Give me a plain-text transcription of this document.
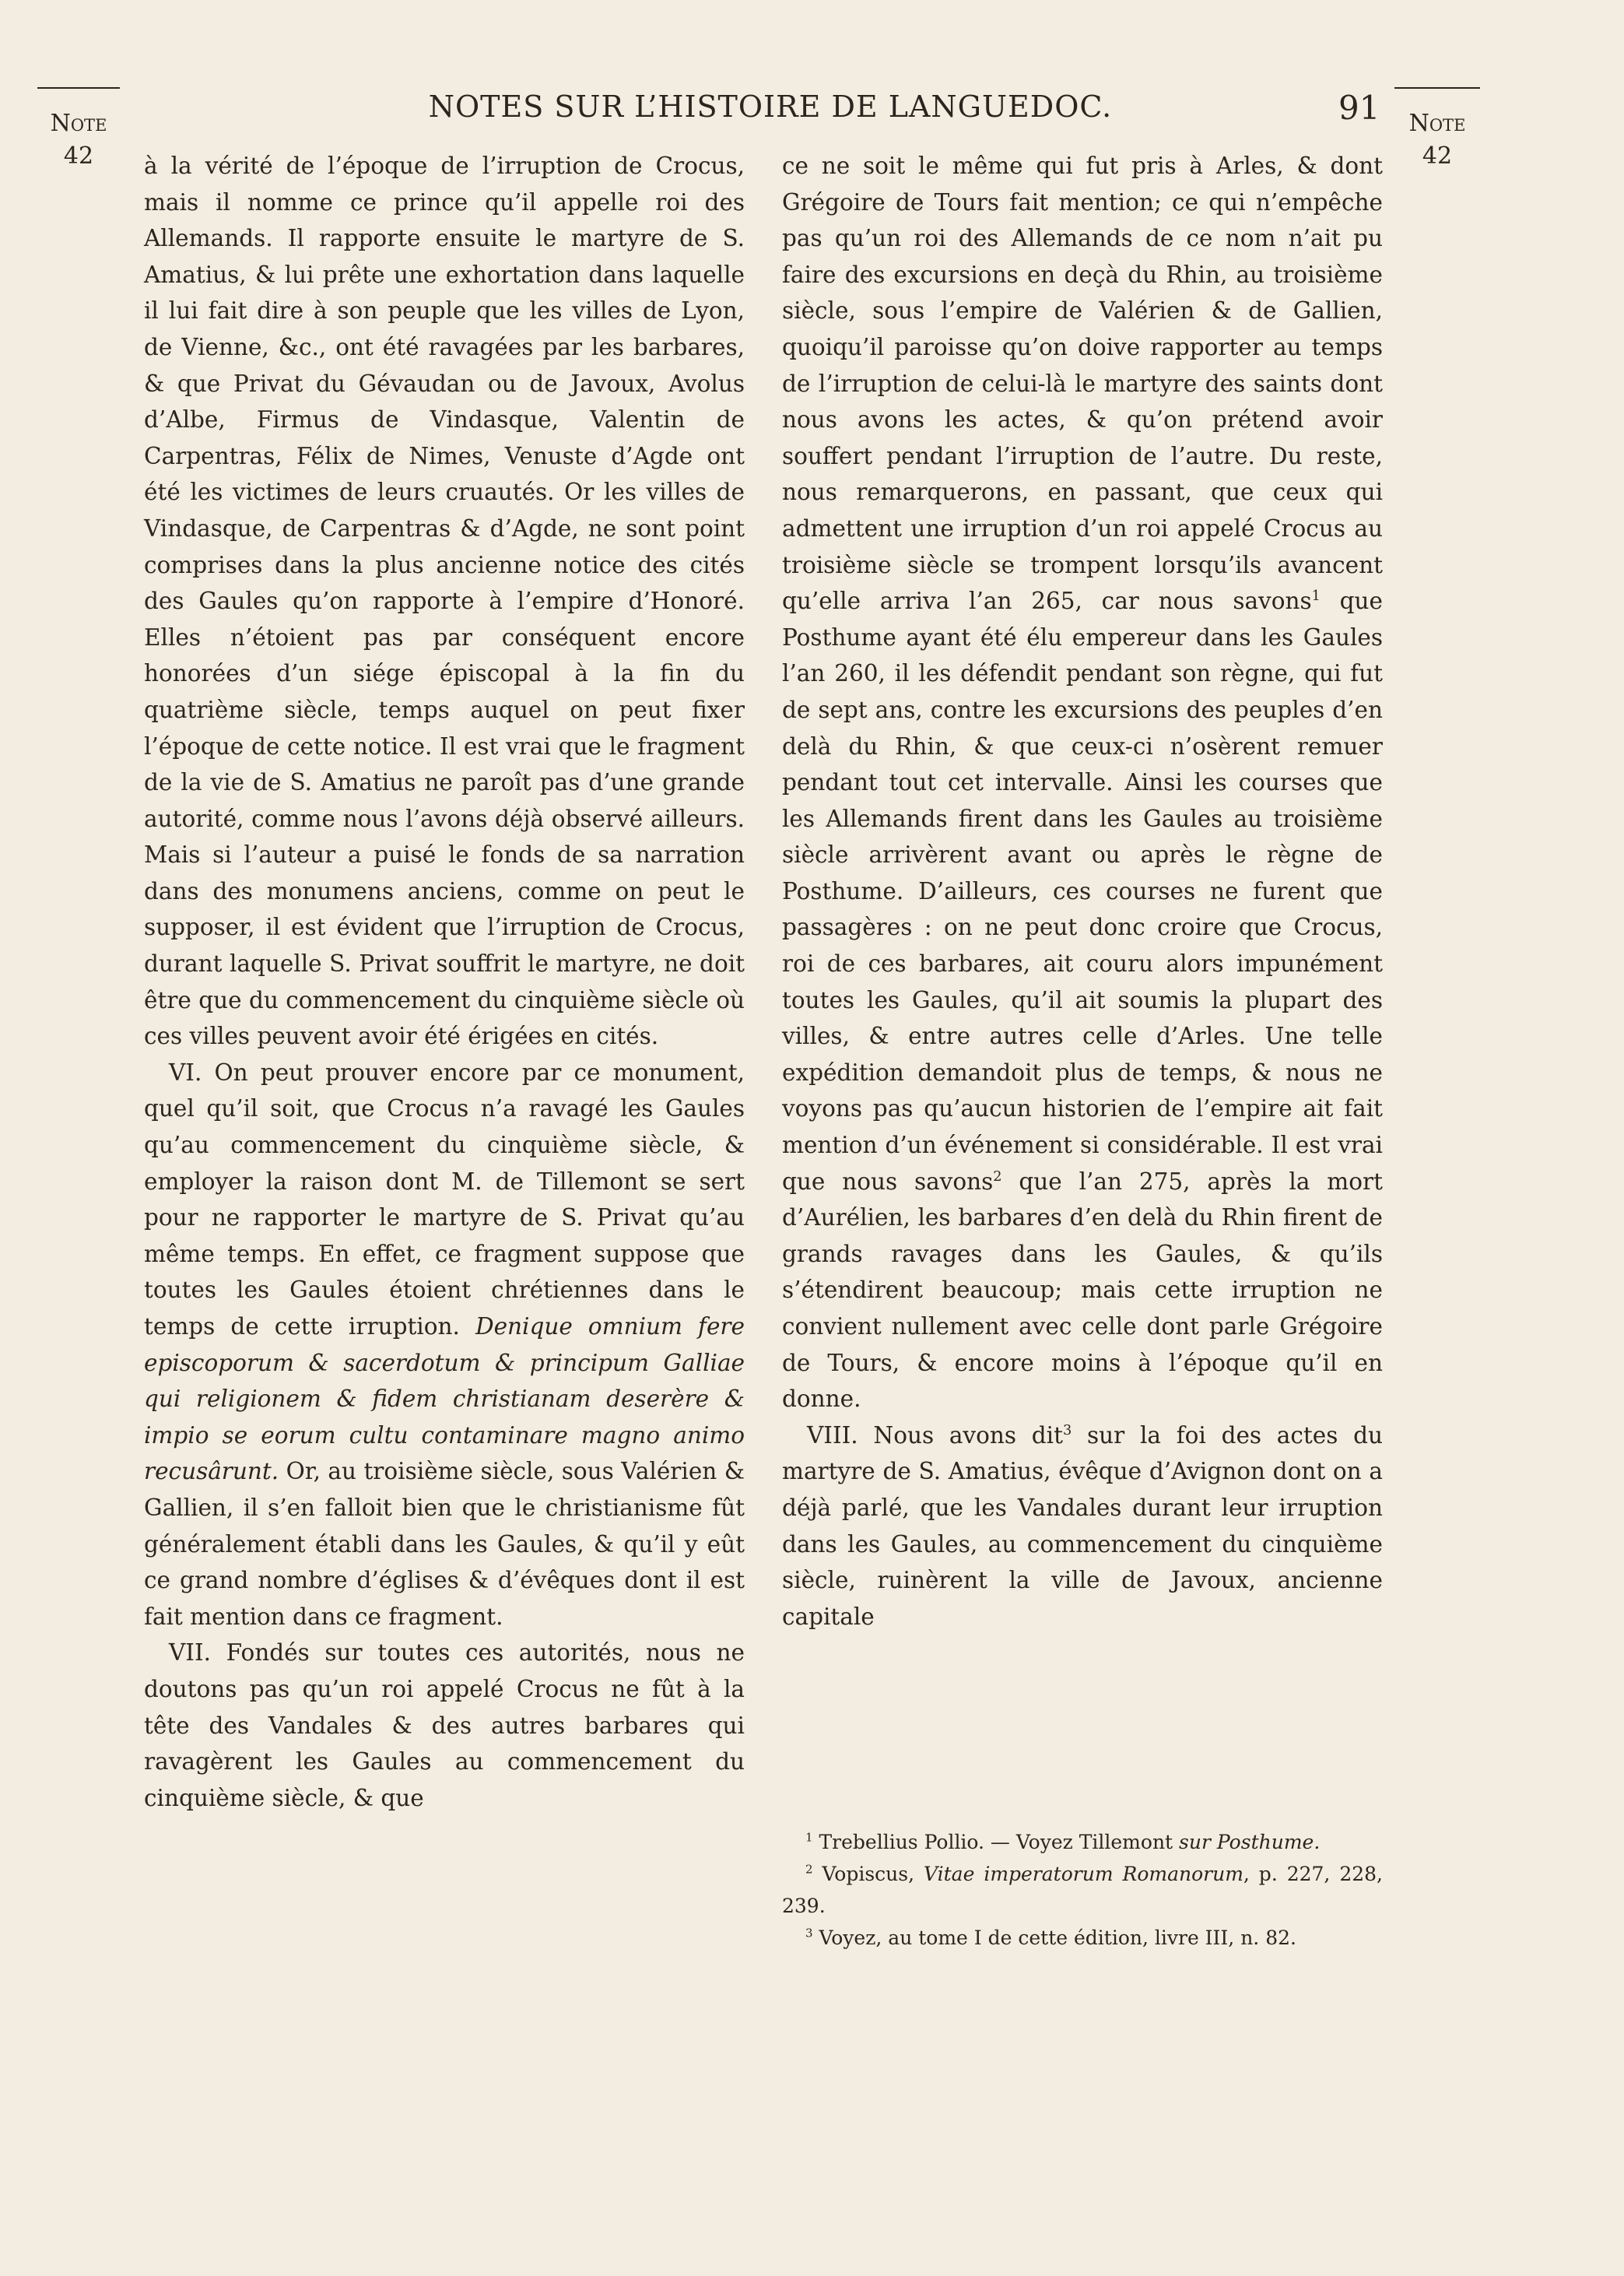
Note
42
Note
42
NOTES SUR L’HISTOIRE DE LANGUEDOC.	91

à la vérité de l’époque de l’irruption de Crocus, mais il nomme ce prince qu’il appelle roi des Allemands. Il rapporte ensuite le martyre de S. Amatius, & lui prête une exhortation dans laquelle il lui fait dire à son peuple que les villes de Lyon, de Vienne, &c., ont été ravagées par les barbares, & que Privat du Gévaudan ou de Javoux, Avolus d’Albe, Firmus de Vindasque, Valentin de Carpentras, Félix de Nimes, Venuste d’Agde ont été les victimes de leurs cruautés. Or les villes de Vindasque, de Carpentras & d’Agde, ne sont point comprises dans la plus ancienne notice des cités des Gaules qu’on rapporte à l’empire d’Honoré. Elles n’étoient pas par conséquent encore honorées d’un siége épiscopal à la fin du quatrième siècle, temps auquel on peut fixer l’époque de cette notice. Il est vrai que le fragment de la vie de S. Amatius ne paroît pas d’une grande autorité, comme nous l’avons déjà observé ailleurs. Mais si l’auteur a puisé le fonds de sa narration dans des monumens anciens, comme on peut le supposer, il est évident que l’irruption de Crocus, durant laquelle S. Privat souffrit le martyre, ne doit être que du commencement du cinquième siècle où ces villes peuvent avoir été érigées en cités.

VI. On peut prouver encore par ce monument, quel qu’il soit, que Crocus n’a ravagé les Gaules qu’au commencement du cinquième siècle, & employer la raison dont M. de Tillemont se sert pour ne rapporter le martyre de S. Privat qu’au même temps. En effet, ce fragment suppose que toutes les Gaules étoient chrétiennes dans le temps de cette irruption. Denique omnium fere episcoporum & sacerdotum & principum Galliae qui religionem & fidem christianam deserère & impio se eorum cultu contaminare magno animo recusârunt. Or, au troisième siècle, sous Valérien & Gallien, il s’en falloit bien que le christianisme fût généralement établi dans les Gaules, & qu’il y eût ce grand nombre d’églises & d’évêques dont il est fait mention dans ce fragment.

VII. Fondés sur toutes ces autorités, nous ne doutons pas qu’un roi appelé Crocus ne fût à la tête des Vandales & des autres barbares qui ravagèrent les Gaules au commencement du cinquième siècle, & que

ce ne soit le même qui fut pris à Arles, & dont Grégoire de Tours fait mention; ce qui n’empêche pas qu’un roi des Allemands de ce nom n’ait pu faire des excursions en deçà du Rhin, au troisième siècle, sous l’empire de Valérien & de Gallien, quoiqu’il paroisse qu’on doive rapporter au temps de l’irruption de celui-là le martyre des saints dont nous avons les actes, & qu’on prétend avoir souffert pendant l’irruption de l’autre. Du reste, nous remarquerons, en passant, que ceux qui admettent une irruption d’un roi appelé Crocus au troisième siècle se trompent lorsqu’ils avancent qu’elle arriva l’an 265, car nous savons$^1$ que Posthume ayant été élu empereur dans les Gaules l’an 260, il les défendit pendant son règne, qui fut de sept ans, contre les excursions des peuples d’en delà du Rhin, & que ceux-ci n’osèrent remuer pendant tout cet intervalle. Ainsi les courses que les Allemands firent dans les Gaules au troisième siècle arrivèrent avant ou après le règne de Posthume. D’ailleurs, ces courses ne furent que passagères : on ne peut donc croire que Crocus, roi de ces barbares, ait couru alors impunément toutes les Gaules, qu’il ait soumis la plupart des villes, & entre autres celle d’Arles. Une telle expédition demandoit plus de temps, & nous ne voyons pas qu’aucun historien de l’empire ait fait mention d’un événement si considérable. Il est vrai que nous savons$^2$ que l’an 275, après la mort d’Aurélien, les barbares d’en delà du Rhin firent de grands ravages dans les Gaules, & qu’ils s’étendirent beaucoup; mais cette irruption ne convient nullement avec celle dont parle Grégoire de Tours, & encore moins à l’époque qu’il en donne.

VIII. Nous avons dit$^3$ sur la foi des actes du martyre de S. Amatius, évêque d’Avignon dont on a déjà parlé, que les Vandales durant leur irruption dans les Gaules, au commencement du cinquième siècle, ruinèrent la ville de Javoux, ancienne capitale

$^1$ Trebellius Pollio. — Voyez Tillemont sur Posthume.

$^2$ Vopiscus, Vitae imperatorum Romanorum, p. 227, 228, 239.

$^3$ Voyez, au tome I de cette édition, livre III, n. 82.
